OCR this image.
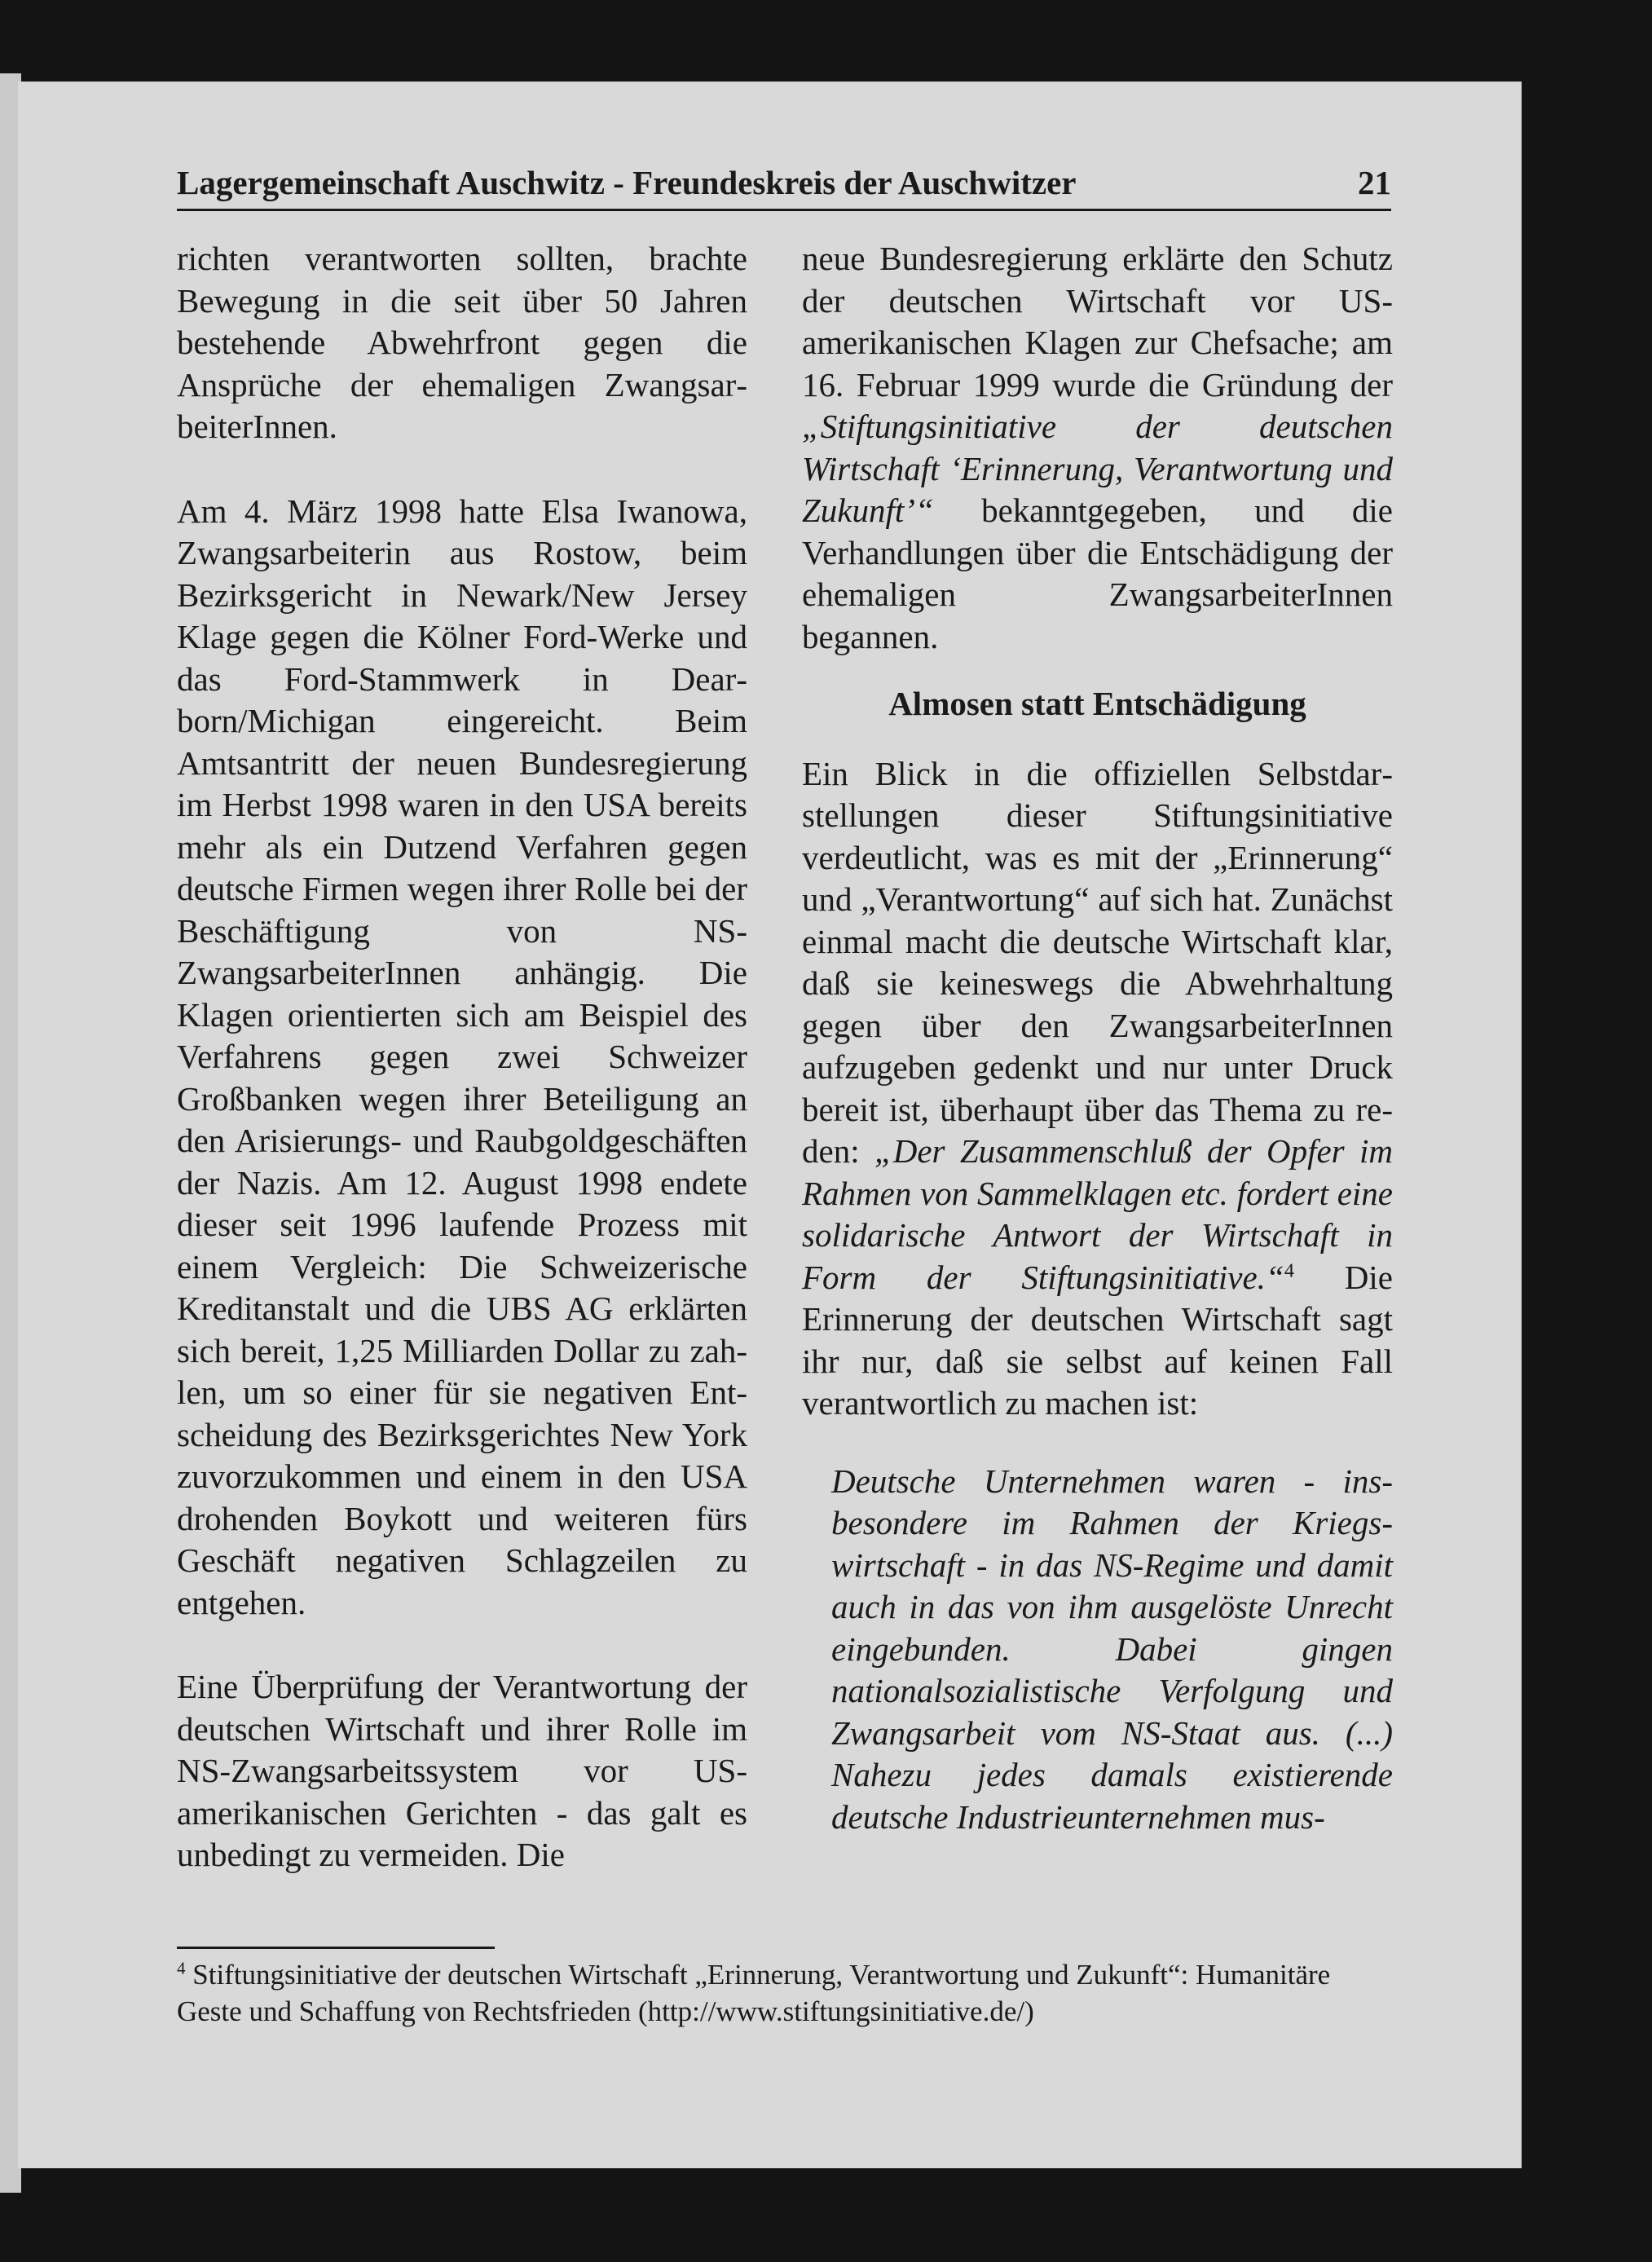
Lagergemeinschaft Auschwitz - Freundeskreis der Auschwitzer	21

richten verantworten sollten, brachte Bewegung in die seit über 50 Jahren bestehende Abwehrfront gegen die Ansprüche der ehemaligen ZwangsarbeiterInnen.

Am 4. März 1998 hatte Elsa Iwanowa, Zwangsarbeiterin aus Rostow, beim Bezirksgericht in Newark/New Jersey Klage gegen die Kölner Ford-Werke und das Ford-Stammwerk in Dearborn/Michigan eingereicht. Beim Amtsantritt der neuen Bundesregierung im Herbst 1998 waren in den USA bereits mehr als ein Dutzend Verfahren gegen deutsche Firmen wegen ihrer Rolle bei der Beschäftigung von NS-ZwangsarbeiterInnen anhängig. Die Klagen orientierten sich am Beispiel des Verfahrens gegen zwei Schweizer Großbanken wegen ihrer Beteiligung an den Arisierungs- und Raubgoldgeschäften der Nazis. Am 12. August 1998 endete dieser seit 1996 laufende Prozess mit einem Vergleich: Die Schweizerische Kreditanstalt und die UBS AG erklärten sich bereit, 1,25 Milliarden Dollar zu zahlen, um so einer für sie negativen Entscheidung des Bezirksgerichtes New York zuvorzukommen und einem in den USA drohenden Boykott und weiteren fürs Geschäft negativen Schlagzeilen zu entgehen.

Eine Überprüfung der Verantwortung der deutschen Wirtschaft und ihrer Rolle im NS-Zwangsarbeitssystem vor US-amerikanischen Gerichten - das galt es unbedingt zu vermeiden. Die

neue Bundesregierung erklärte den Schutz der deutschen Wirtschaft vor US-amerikanischen Klagen zur Chefsache; am 16. Februar 1999 wurde die Gründung der „Stiftungsinitiative der deutschen Wirtschaft ‘Erinnerung, Verantwortung und Zukunft’“ bekanntgegeben, und die Verhandlungen über die Entschädigung der ehemaligen ZwangsarbeiterInnen begannen.

Almosen statt Entschädigung

Ein Blick in die offiziellen Selbstdarstellungen dieser Stiftungsinitiative verdeutlicht, was es mit der „Erinnerung“ und „Verantwortung“ auf sich hat. Zunächst einmal macht die deutsche Wirtschaft klar, daß sie keineswegs die Abwehrhaltung gegen über den ZwangsarbeiterInnen aufzugeben gedenkt und nur unter Druck bereit ist, überhaupt über das Thema zu reden: „Der Zusammenschluß der Opfer im Rahmen von Sammelklagen etc. fordert eine solidarische Antwort der Wirtschaft in Form der Stiftungsinitiative.“$^4$ Die Erinnerung der deutschen Wirtschaft sagt ihr nur, daß sie selbst auf keinen Fall verantwortlich zu machen ist:

Deutsche Unternehmen waren - insbesondere im Rahmen der Kriegswirtschaft - in das NS-Regime und damit auch in das von ihm ausgelöste Unrecht eingebunden. Dabei gingen nationalsozialistische Verfolgung und Zwangsarbeit vom NS-Staat aus. (...) Nahezu jedes damals existierende deutsche Industrieunternehmen mus-

$^4$ Stiftungsinitiative der deutschen Wirtschaft „Erinnerung, Verantwortung und Zukunft“: Humanitäre Geste und Schaffung von Rechtsfrieden (http://www.stiftungsinitiative.de/)
